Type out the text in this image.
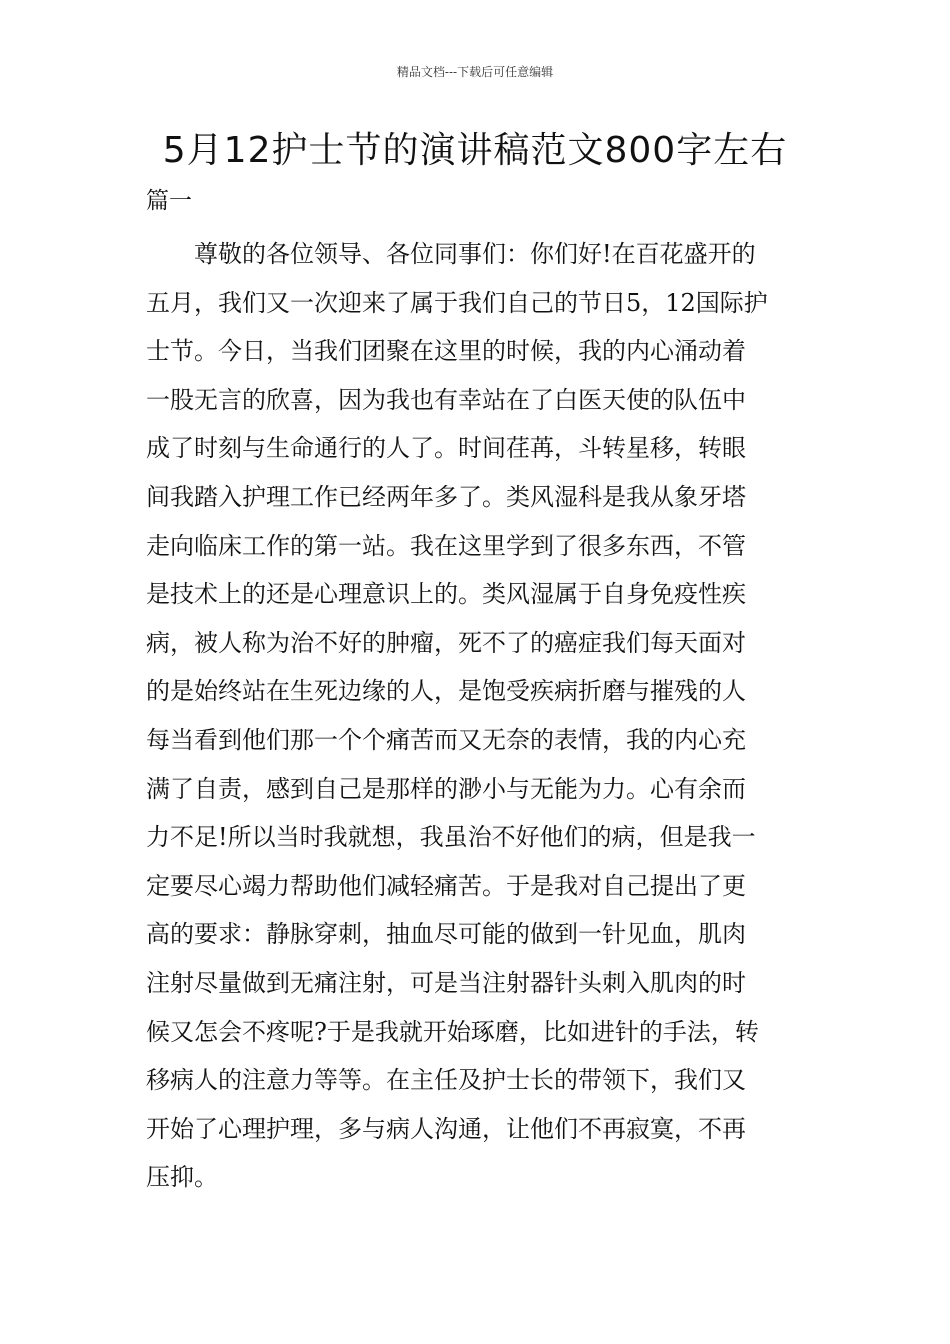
精品文档---下载后可任意编辑
5月12护士节的演讲稿范文800字左右
篇一
　　尊敬的各位领导、各位同事们：你们好!在百花盛开的
五月，我们又一次迎来了属于我们自己的节日5，12国际护
士节。今日，当我们团聚在这里的时候，我的内心涌动着
一股无言的欣喜，因为我也有幸站在了白医天使的队伍中
成了时刻与生命通行的人了。时间荏苒，斗转星移，转眼
间我踏入护理工作已经两年多了。类风湿科是我从象牙塔
走向临床工作的第一站。我在这里学到了很多东西，不管
是技术上的还是心理意识上的。类风湿属于自身免疫性疾
病，被人称为治不好的肿瘤，死不了的癌症我们每天面对
的是始终站在生死边缘的人，是饱受疾病折磨与摧残的人
每当看到他们那一个个痛苦而又无奈的表情，我的内心充
满了自责，感到自己是那样的渺小与无能为力。心有余而
力不足!所以当时我就想，我虽治不好他们的病，但是我一
定要尽心竭力帮助他们减轻痛苦。于是我对自己提出了更
高的要求：静脉穿刺，抽血尽可能的做到一针见血，肌肉
注射尽量做到无痛注射，可是当注射器针头刺入肌肉的时
候又怎会不疼呢?于是我就开始琢磨，比如进针的手法，转
移病人的注意力等等。在主任及护士长的带领下，我们又
开始了心理护理，多与病人沟通，让他们不再寂寞，不再
压抑。
